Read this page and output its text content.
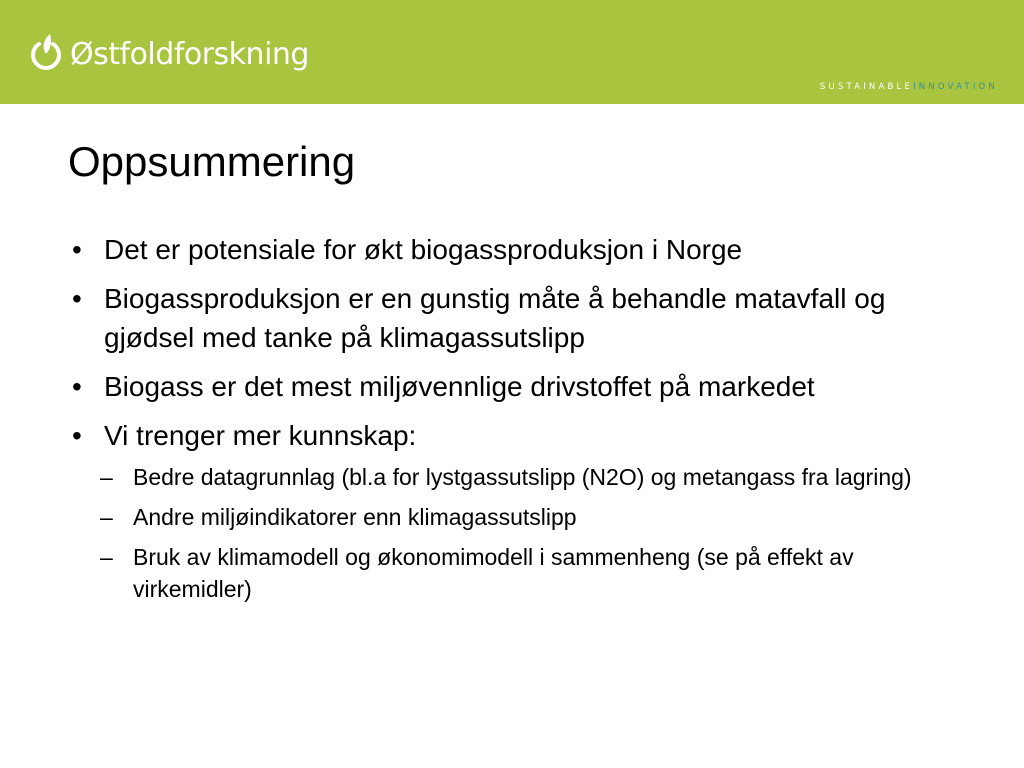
Østfoldforskning
SUSTAINABLEINNOVATION
Oppsummering
• Det er potensiale for økt biogassproduksjon i Norge
• Biogassproduksjon er en gunstig måte å behandle matavfall og gjødsel med tanke på klimagassutslipp
• Biogass er det mest miljøvennlige drivstoffet på markedet
• Vi trenger mer kunnskap:
– Bedre datagrunnlag (bl.a for lystgassutslipp (N2O) og metangass fra lagring)
– Andre miljøindikatorer enn klimagassutslipp
– Bruk av klimamodell og økonomimodell i sammenheng (se på effekt av virkemidler)
